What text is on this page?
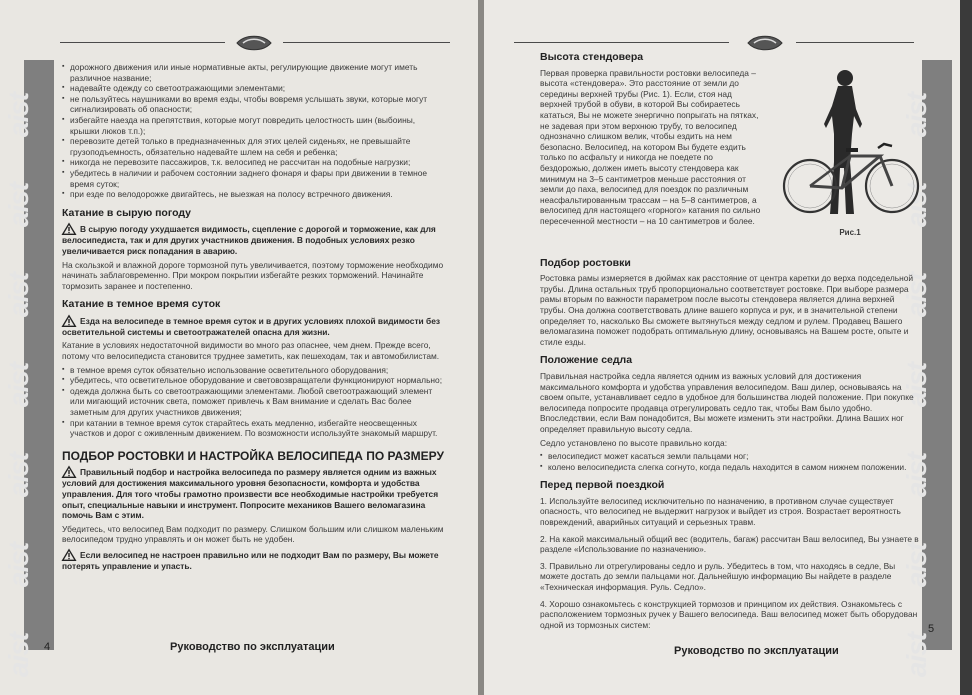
aist
aist
aist
aist
aist
aist
aist
▪ дорожного движения или иные нормативные акты, регулирующие движение могут иметь различное название;
▪ надевайте одежду со светоотражающими элементами;
▪ не пользуйтесь наушниками во время езды, чтобы вовремя услышать звуки, которые могут сигнализировать об опасности;
▪ избегайте наезда на препятствия, которые могут повредить целостность шин (выбоины, крышки люков т.п.);
▪ перевозите детей только в предназначенных для этих целей сиденьях, не превышайте грузоподъемность, обязательно надевайте шлем на себя и ребенка;
▪ никогда не перевозите пассажиров, т.к. велосипед не рассчитан на подобные нагрузки;
▪ убедитесь в наличии и рабочем состоянии заднего фонаря и фары при движении в темное время суток;
▪ при езде по велодорожке двигайтесь, не выезжая на полосу встречного движения.
Катание в сырую погоду

В сырую погоду ухудшается видимость, сцепление с дорогой и торможение, как для велосипедиста, так и для других участников движения. В подобных условиях резко увеличивается риск попадания в аварию.

На скользкой и влажной дороге тормозной путь увеличивается, поэтому торможение необходимо начинать заблаговременно. При мокром покрытии избегайте резких торможений. Начинайте тормозить заранее и постепенно.

Катание в темное время суток

Езда на велосипеде в темное время суток и в других условиях плохой видимости без осветительной системы и светоотражателей опасна для жизни.

Катание в условиях недостаточной видимости во много раз опаснее, чем днем. Прежде всего, потому что велосипедиста становится труднее заметить, как пешеходам, так и автомобилистам.

▪ в темное время суток обязательно использование осветительного оборудования;
▪ убедитесь, что осветительное оборудование и световозвращатели функционируют нормально;
▪ одежда должна быть со светоотражающими элементами. Любой светоотражающий элемент или мигающий источник света, поможет привлечь к Вам внимание и сделать Вас более заметным для других участников движения;
▪ при катании в темное время суток старайтесь ехать медленно, избегайте неосвещенных участков и дорог с оживленным движением. По возможности используйте знакомый маршрут.
ПОДБОР РОСТОВКИ И НАСТРОЙКА ВЕЛОСИПЕДА ПО РАЗМЕРУ

Правильный подбор и настройка велосипеда по размеру является одним из важных условий для достижения максимального уровня безопасности, комфорта и удобства управления. Для того чтобы грамотно произвести все необходимые настройки требуется опыт, специальные навыки и инструмент. Попросите механиков Вашего веломагазина помочь Вам с этим.

Убедитесь, что велосипед Вам подходит по размеру. Слишком большим или слишком маленьким велосипедом трудно управлять и он может быть не удобен.

Если велосипед не настроен правильно или не подходит Вам по размеру, Вы можете потерять управление и упасть.

4	Руководство по эксплуатации
aist
aist
aist
aist
aist
aist
aist
Высота стендовера
Рис.1

Первая проверка правильности ростовки велосипеда – высота «стендовера». Это расстояние от земли до середины верхней трубы (Рис. 1). Если, стоя над верхней трубой в обуви, в которой Вы собираетесь кататься, Вы не можете энергично попрыгать на пятках, не задевая при этом верхнюю трубу, то велосипед однозначно слишком велик, чтобы ездить на нем безопасно. Велосипед, на котором Вы будете ездить только по асфальту и никогда не поедете по бездорожью, должен иметь высоту стендовера как минимум на 3–5 сантиметров меньше расстояния от земли до паха, велосипед для поездок по различным неасфальтированным трассам – на 5–8 сантиметров, а велосипед для настоящего «горного» катания по сильно пересеченной местности – на 10 сантиметров и более.

Подбор ростовки

Ростовка рамы измеряется в дюймах как расстояние от центра каретки до верха подседельной трубы. Длина остальных труб пропорционально соответствует ростовке. При выборе размера рамы вторым по важности параметром после высоты стендовера является длина верхней трубы. Она должна соответствовать длине вашего корпуса и рук, и в значительной степени определяет то, насколько Вы сможете вытянуться между седлом и рулем. Продавец Вашего веломагазина поможет подобрать оптимальную длину, основываясь на Вашем росте, опыте и стиле езды.

Положение седла

Правильная настройка седла является одним из важных условий для достижения максимального комфорта и удобства управления велосипедом. Ваш дилер, основываясь на своем опыте, устанавливает седло в удобное для большинства людей положение. При покупке велосипеда попросите продавца отрегулировать седло так, чтобы Вам было удобно. Впоследствии, если Вам понадобится, Вы можете изменить эти настройки. Длина Ваших ног определяет правильную высоту седла.

Седло установлено по высоте правильно когда:

▪ велосипедист может касаться земли пальцами ног;
▪ колено велосипедиста слегка согнуто, когда педаль находится в самом нижнем положении.
Перед первой поездкой

1. Используйте велосипед исключительно по назначению, в противном случае существует опасность, что велосипед не выдержит нагрузок и выйдет из строя. Возрастает вероятность повреждений, аварийных ситуаций и серьезных травм.

2. На какой максимальный общий вес (водитель, багаж) рассчитан Ваш велосипед, Вы узнаете в разделе «Использование по назначению».

3. Правильно ли отрегулированы седло и руль. Убедитесь в том, что находясь в седле, Вы можете достать до земли пальцами ног. Дальнейшую информацию Вы найдете в разделе «Техническая информация. Руль. Седло».

4. Хорошо ознакомьтесь с конструкцией тормозов и принципом их действия. Ознакомьтесь с расположением тормозных ручек у Вашего велосипеда. Ваш велосипед может быть оборудован одной из тормозных систем:	5
Руководство по эксплуатации
